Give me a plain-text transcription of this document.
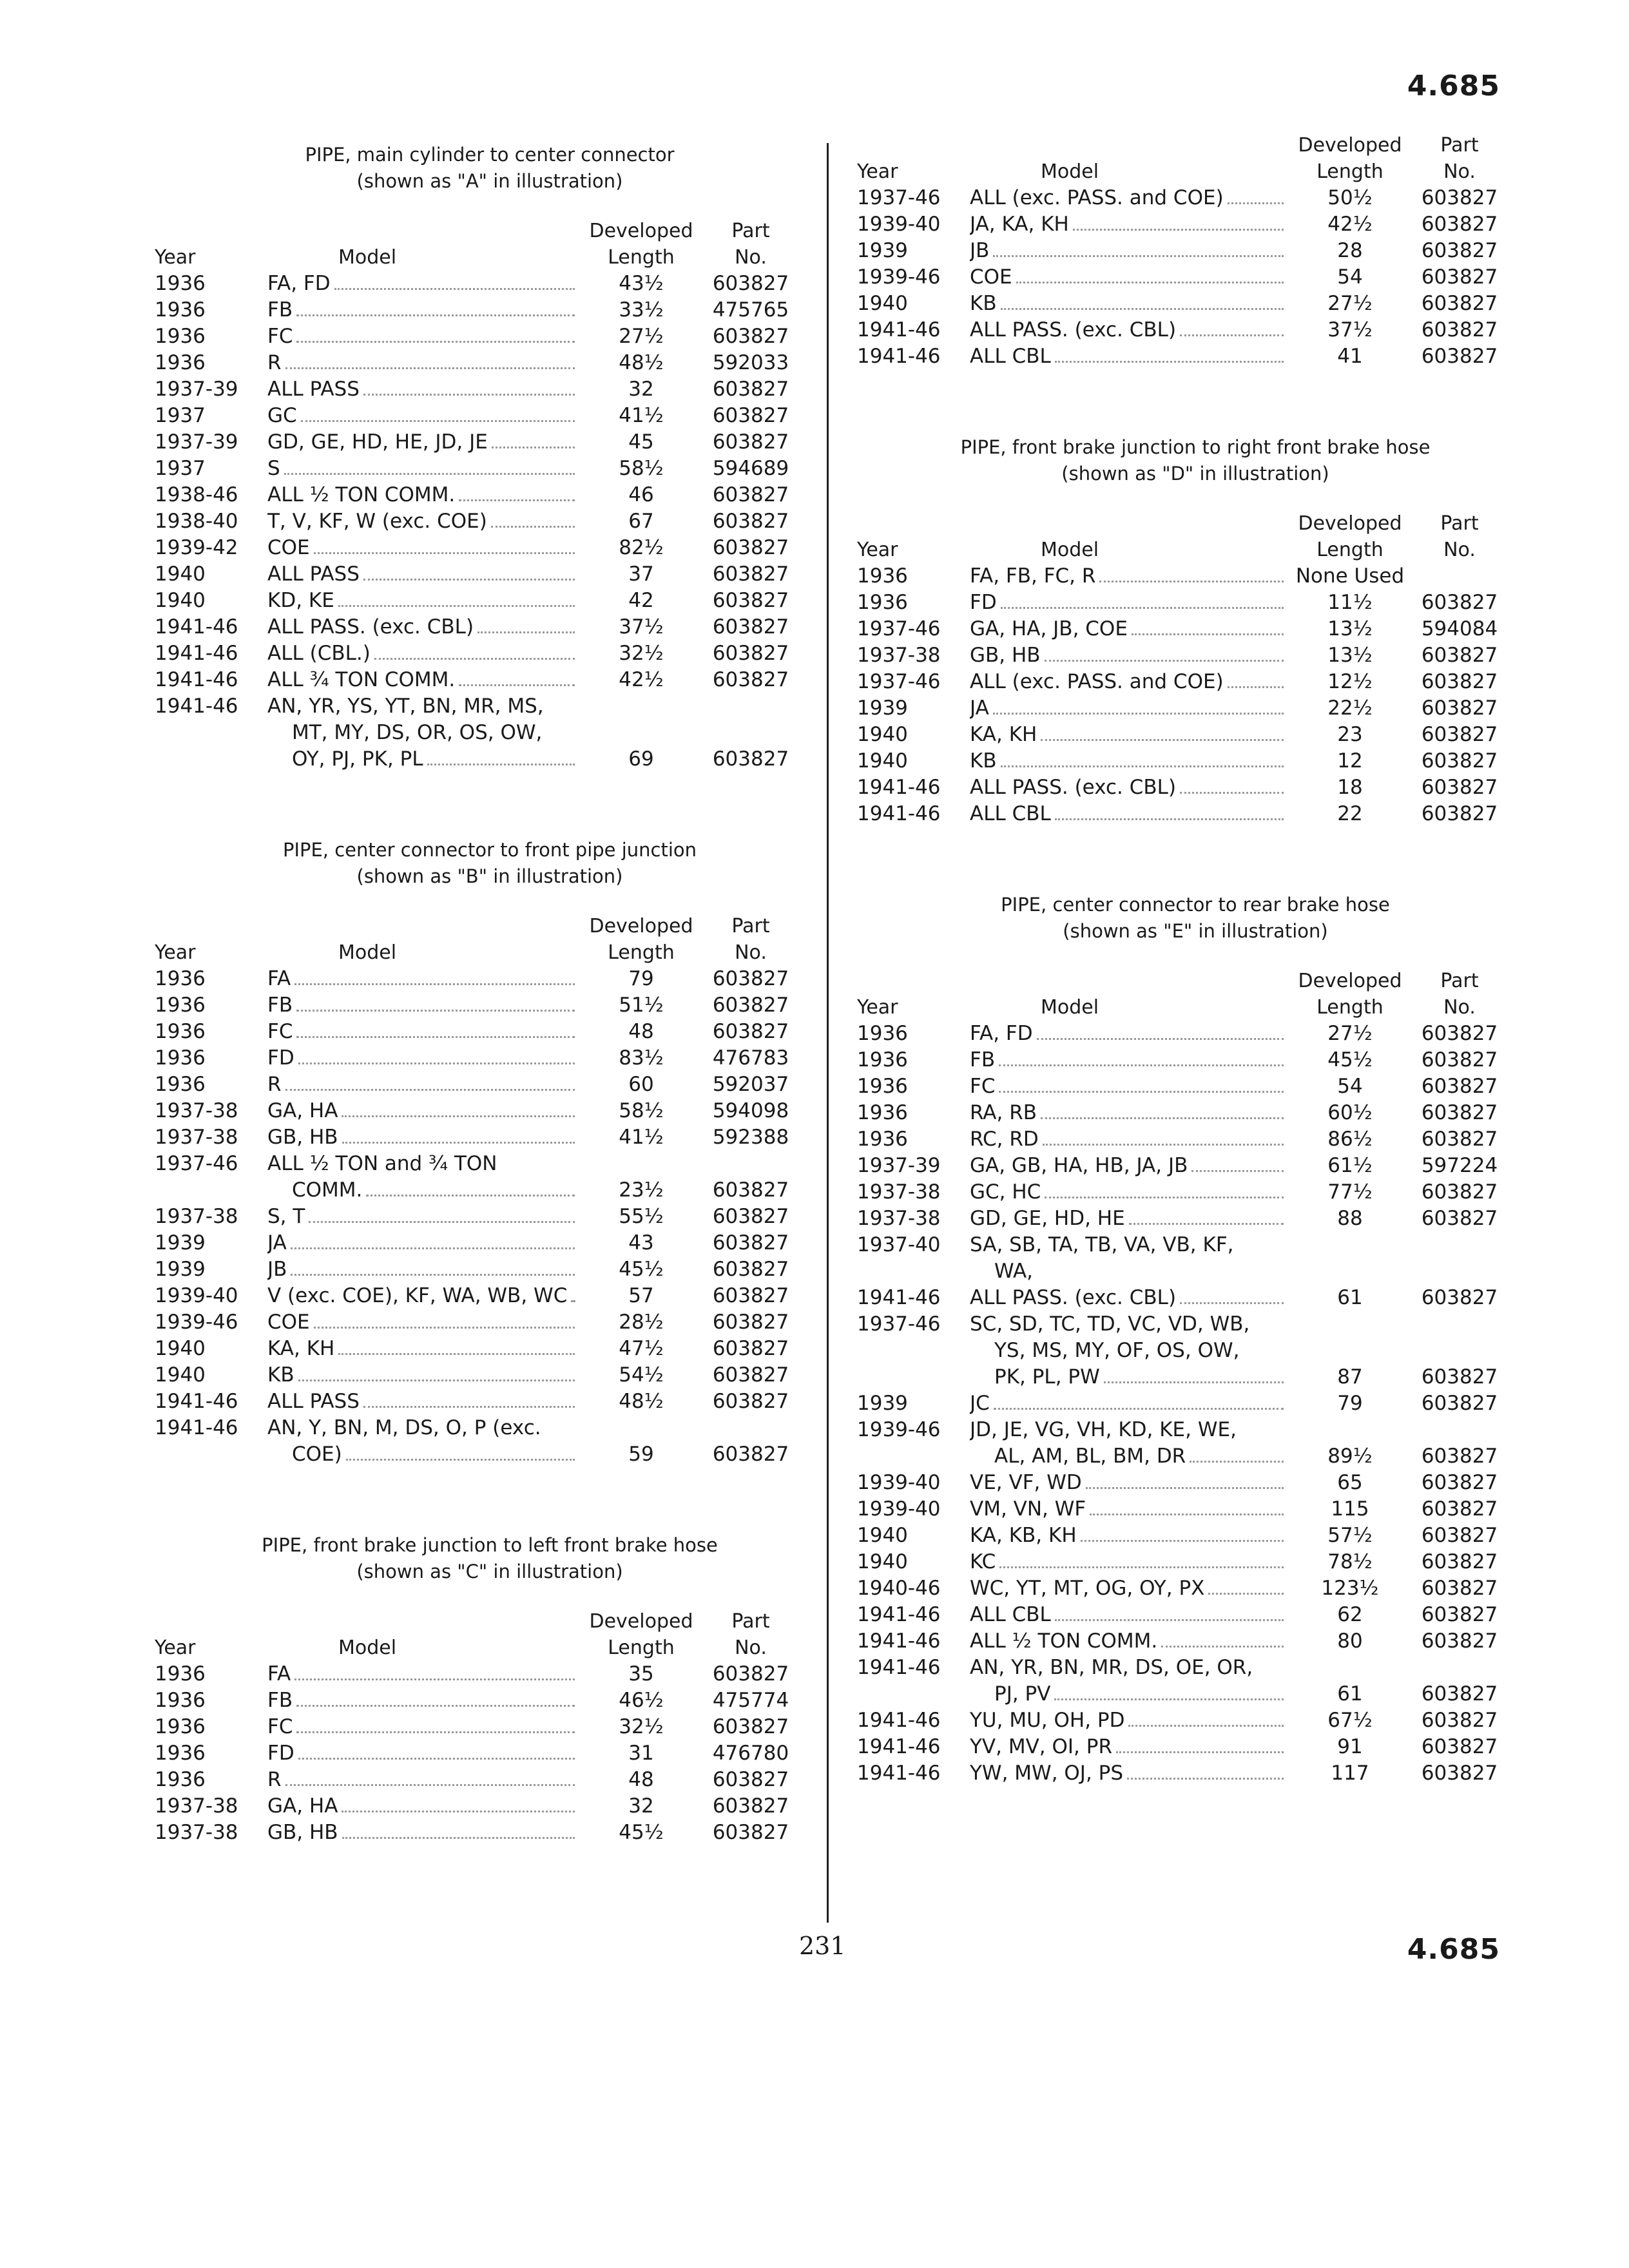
4.685
PIPE, main cylinder to center connector
(shown as "A" in illustration)
		Developed	Part
Year	Model	Length	No.
1936	FA, FD	43½	603827
1936	FB	33½	475765
1936	FC	27½	603827
1936	R	48½	592033
1937-39	ALL PASS	32	603827
1937	GC	41½	603827
1937-39	GD, GE, HD, HE, JD, JE	45	603827
1937	S	58½	594689
1938-46	ALL ½ TON COMM.	46	603827
1938-40	T, V, KF, W (exc. COE)	67	603827
1939-42	COE	82½	603827
1940	ALL PASS	37	603827
1940	KD, KE	42	603827
1941-46	ALL PASS. (exc. CBL)	37½	603827
1941-46	ALL (CBL.)	32½	603827
1941-46	ALL ¾ TON COMM.	42½	603827
1941-46	AN, YR, YS, YT, BN, MR, MS,
MT, MY, DS, OR, OS, OW,
OY, PJ, PK, PL	69	603827
PIPE, center connector to front pipe junction
(shown as "B" in illustration)
		Developed	Part
Year	Model	Length	No.
1936	FA	79	603827
1936	FB	51½	603827
1936	FC	48	603827
1936	FD	83½	476783
1936	R	60	592037
1937-38	GA, HA	58½	594098
1937-38	GB, HB	41½	592388
1937-46	ALL ½ TON and ¾ TON
COMM.	23½	603827
1937-38	S, T	55½	603827
1939	JA	43	603827
1939	JB	45½	603827
1939-40	V (exc. COE), KF, WA, WB, WC	57	603827
1939-46	COE	28½	603827
1940	KA, KH	47½	603827
1940	KB	54½	603827
1941-46	ALL PASS	48½	603827
1941-46	AN, Y, BN, M, DS, O, P (exc.
COE)	59	603827
PIPE, front brake junction to left front brake hose
(shown as "C" in illustration)
		Developed	Part
Year	Model	Length	No.
1936	FA	35	603827
1936	FB	46½	475774
1936	FC	32½	603827
1936	FD	31	476780
1936	R	48	603827
1937-38	GA, HA	32	603827
1937-38	GB, HB	45½	603827
		Developed	Part
Year	Model	Length	No.
1937-46	ALL (exc. PASS. and COE)	50½	603827
1939-40	JA, KA, KH	42½	603827
1939	JB	28	603827
1939-46	COE	54	603827
1940	KB	27½	603827
1941-46	ALL PASS. (exc. CBL)	37½	603827
1941-46	ALL CBL	41	603827
PIPE, front brake junction to right front brake hose
(shown as "D" in illustration)
		Developed	Part
Year	Model	Length	No.
1936	FA, FB, FC, R	None Used	
1936	FD	11½	603827
1937-46	GA, HA, JB, COE	13½	594084
1937-38	GB, HB	13½	603827
1937-46	ALL (exc. PASS. and COE)	12½	603827
1939	JA	22½	603827
1940	KA, KH	23	603827
1940	KB	12	603827
1941-46	ALL PASS. (exc. CBL)	18	603827
1941-46	ALL CBL	22	603827
PIPE, center connector to rear brake hose
(shown as "E" in illustration)
		Developed	Part
Year	Model	Length	No.
1936	FA, FD	27½	603827
1936	FB	45½	603827
1936	FC	54	603827
1936	RA, RB	60½	603827
1936	RC, RD	86½	603827
1937-39	GA, GB, HA, HB, JA, JB	61½	597224
1937-38	GC, HC	77½	603827
1937-38	GD, GE, HD, HE	88	603827
1937-40	SA, SB, TA, TB, VA, VB, KF,
WA,		

1941-46	ALL PASS. (exc. CBL)	61	603827
1937-46	SC, SD, TC, TD, VC, VD, WB,
YS, MS, MY, OF, OS, OW,
PK, PL, PW	87	603827
1939	JC	79	603827
1939-46	JD, JE, VG, VH, KD, KE, WE,
AL, AM, BL, BM, DR	89½	603827
1939-40	VE, VF, WD	65	603827
1939-40	VM, VN, WF	115	603827
1940	KA, KB, KH	57½	603827
1940	KC	78½	603827
1940-46	WC, YT, MT, OG, OY, PX	123½	603827
1941-46	ALL CBL	62	603827
1941-46	ALL ½ TON COMM.	80	603827
1941-46	AN, YR, BN, MR, DS, OE, OR,
PJ, PV	61	603827
1941-46	YU, MU, OH, PD	67½	603827
1941-46	YV, MV, OI, PR	91	603827
1941-46	YW, MW, OJ, PS	117	603827
231	4.685
